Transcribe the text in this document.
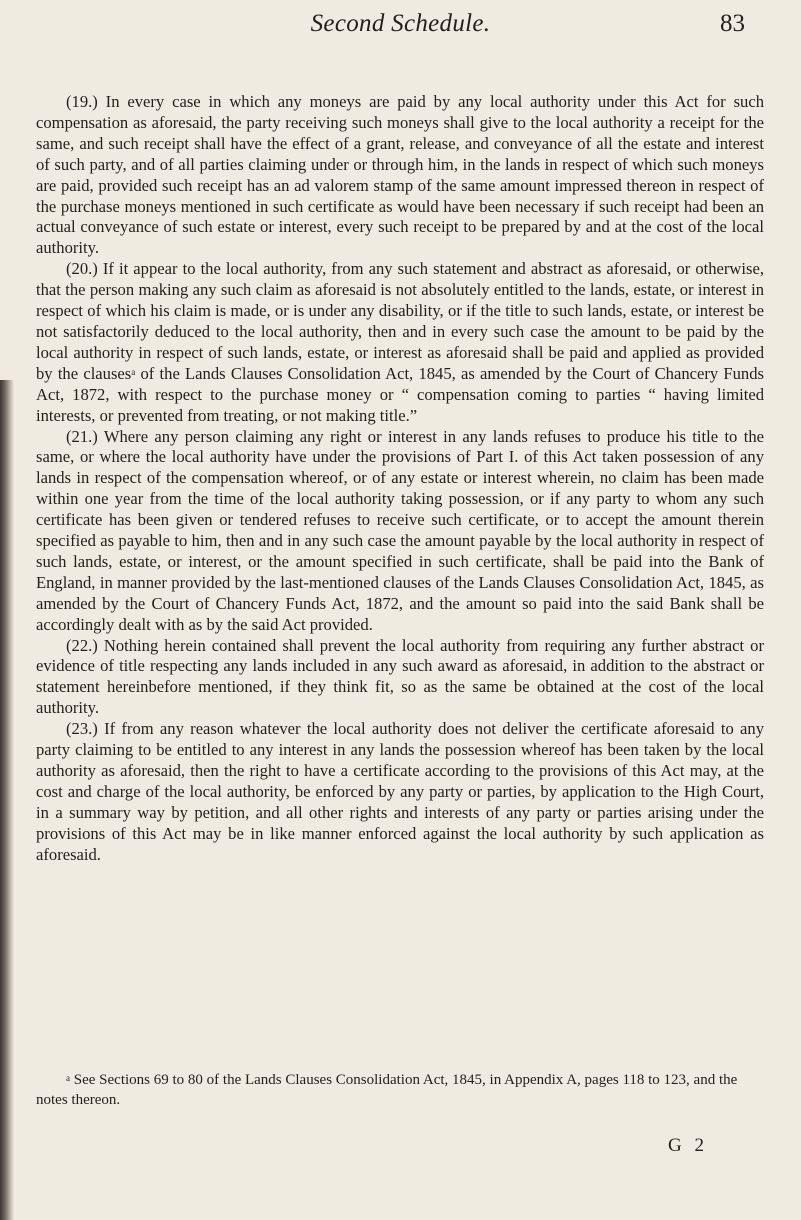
Second Schedule.	83

(19.) In every case in which any moneys are paid by any local authority under this Act for such compensation as aforesaid, the party receiving such moneys shall give to the local authority a receipt for the same, and such receipt shall have the effect of a grant, release, and conveyance of all the estate and interest of such party, and of all parties claiming under or through him, in the lands in respect of which such moneys are paid, provided such receipt has an ad valorem stamp of the same amount impressed thereon in respect of the purchase moneys mentioned in such certificate as would have been necessary if such receipt had been an actual conveyance of such estate or interest, every such receipt to be prepared by and at the cost of the local authority.

(20.) If it appear to the local authority, from any such statement and abstract as aforesaid, or otherwise, that the person making any such claim as aforesaid is not absolutely entitled to the lands, estate, or interest in respect of which his claim is made, or is under any disability, or if the title to such lands, estate, or interest be not satisfactorily deduced to the local authority, then and in every such case the amount to be paid by the local authority in respect of such lands, estate, or interest as aforesaid shall be paid and applied as provided by the clauses$^a$ of the Lands Clauses Consolidation Act, 1845, as amended by the Court of Chancery Funds Act, 1872, with respect to the purchase money or “ compensation coming to parties “ having limited interests, or prevented from treating, or not making title.”

(21.) Where any person claiming any right or interest in any lands refuses to produce his title to the same, or where the local authority have under the provisions of Part I. of this Act taken possession of any lands in respect of the compensation whereof, or of any estate or interest wherein, no claim has been made within one year from the time of the local authority taking possession, or if any party to whom any such certificate has been given or tendered refuses to receive such certificate, or to accept the amount therein specified as payable to him, then and in any such case the amount payable by the local authority in respect of such lands, estate, or interest, or the amount specified in such certificate, shall be paid into the Bank of England, in manner provided by the last-mentioned clauses of the Lands Clauses Consolidation Act, 1845, as amended by the Court of Chancery Funds Act, 1872, and the amount so paid into the said Bank shall be accordingly dealt with as by the said Act provided.

(22.) Nothing herein contained shall prevent the local authority from requiring any further abstract or evidence of title respecting any lands included in any such award as aforesaid, in addition to the abstract or statement hereinbefore mentioned, if they think fit, so as the same be obtained at the cost of the local authority.

(23.) If from any reason whatever the local authority does not deliver the certificate aforesaid to any party claiming to be entitled to any interest in any lands the possession whereof has been taken by the local authority as aforesaid, then the right to have a certificate according to the provisions of this Act may, at the cost and charge of the local authority, be enforced by any party or parties, by application to the High Court, in a summary way by petition, and all other rights and interests of any party or parties arising under the provisions of this Act may be in like manner enforced against the local authority by such application as aforesaid.

$^a$ See Sections 69 to 80 of the Lands Clauses Consolidation Act, 1845, in Appendix A, pages 118 to 123, and the notes thereon.

G 2
